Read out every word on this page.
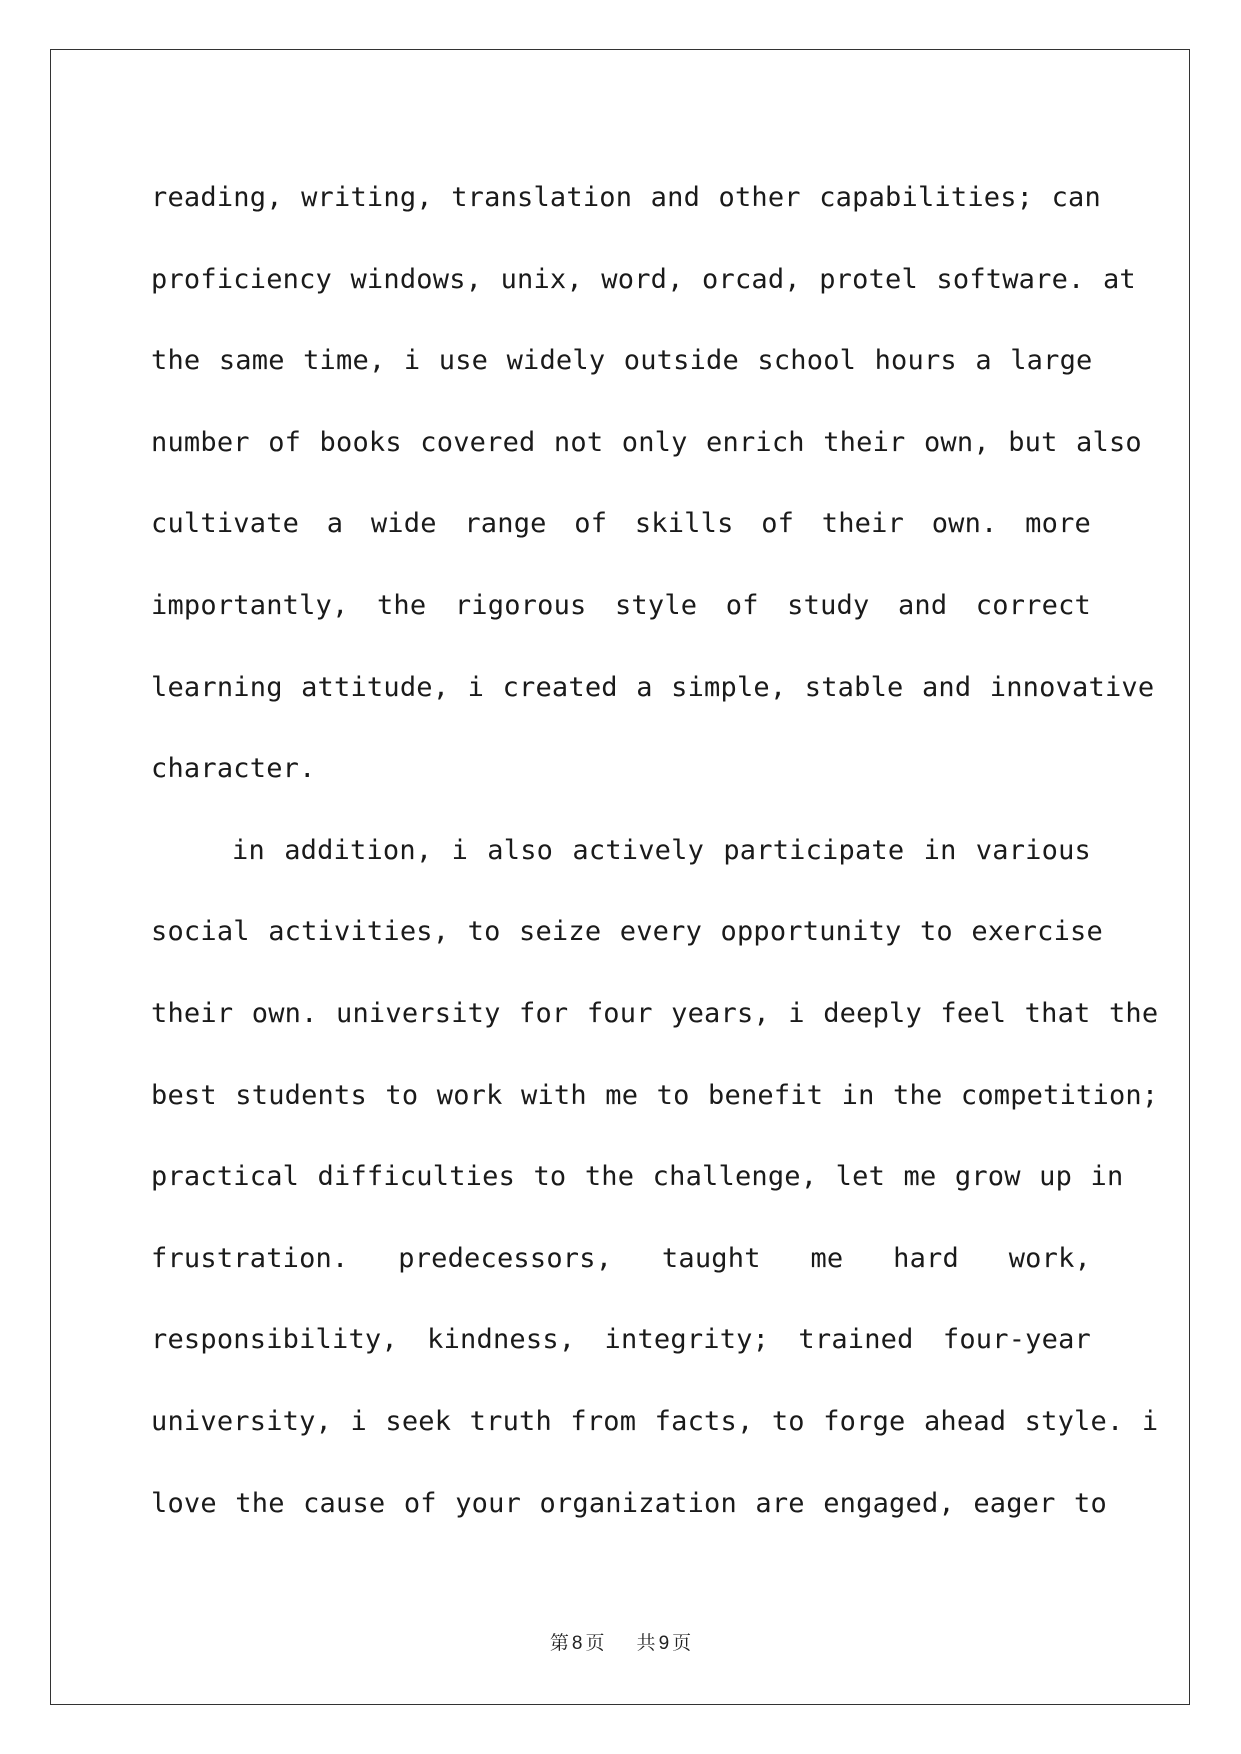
reading, writing, translation and other capabilities; can
proficiency windows, unix, word, orcad, protel software. at
the same time, i use widely outside school hours a large
number of books covered not only enrich their own, but also
cultivate a wide range of skills of their own. more
importantly, the rigorous style of study and correct
learning attitude, i created a simple, stable and innovative
character.
in addition, i also actively participate in various
social activities, to seize every opportunity to exercise
their own. university for four years, i deeply feel that the
best students to work with me to benefit in the competition;
practical difficulties to the challenge, let me grow up in
frustration. predecessors, taught me hard work,
responsibility, kindness, integrity; trained four-year
university, i seek truth from facts, to forge ahead style. i
love the cause of your organization are engaged, eager to
第 8 页 共 9 页
